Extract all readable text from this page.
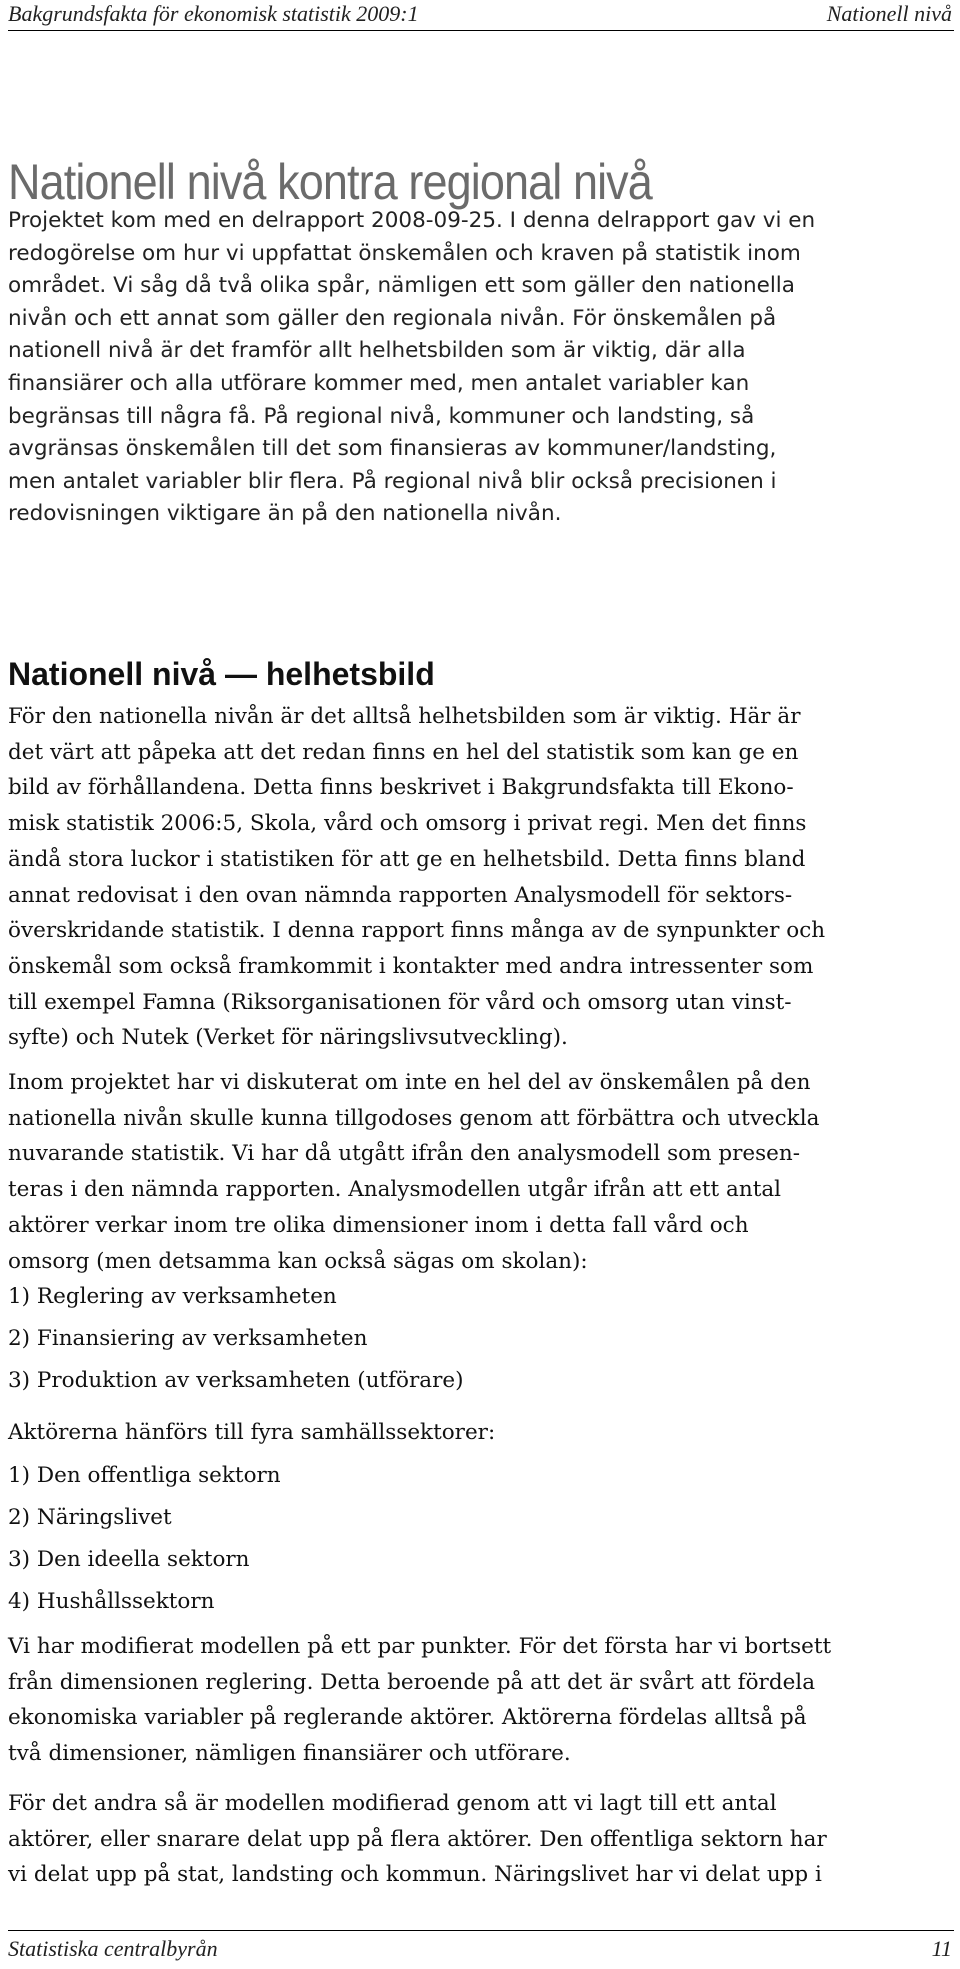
Bakgrundsfakta för ekonomisk statistik 2009:1	Nationell nivå
Nationell nivå kontra regional nivå

Projektet kom med en delrapport 2008-09-25. I denna delrapport gav vi en

redogörelse om hur vi uppfattat önskemålen och kraven på statistik inom

området. Vi såg då två olika spår, nämligen ett som gäller den nationella

nivån och ett annat som gäller den regionala nivån. För önskemålen på

nationell nivå är det framför allt helhetsbilden som är viktig, där alla

finansiärer och alla utförare kommer med, men antalet variabler kan

begränsas till några få. På regional nivå, kommuner och landsting, så

avgränsas önskemålen till det som finansieras av kommuner/landsting,

men antalet variabler blir flera. På regional nivå blir också precisionen i

redovisningen viktigare än på den nationella nivån.

Nationell nivå — helhetsbild

För den nationella nivån är det alltså helhetsbilden som är viktig. Här är

det värt att påpeka att det redan finns en hel del statistik som kan ge en

bild av förhållandena. Detta finns beskrivet i Bakgrundsfakta till Ekono-

misk statistik 2006:5, Skola, vård och omsorg i privat regi. Men det finns

ändå stora luckor i statistiken för att ge en helhetsbild. Detta finns bland

annat redovisat i den ovan nämnda rapporten Analysmodell för sektors-

överskridande statistik. I denna rapport finns många av de synpunkter och

önskemål som också framkommit i kontakter med andra intressenter som

till exempel Famna (Riksorganisationen för vård och omsorg utan vinst-

syfte) och Nutek (Verket för näringslivsutveckling).

Inom projektet har vi diskuterat om inte en hel del av önskemålen på den

nationella nivån skulle kunna tillgodoses genom att förbättra och utveckla

nuvarande statistik. Vi har då utgått ifrån den analysmodell som presen-

teras i den nämnda rapporten. Analysmodellen utgår ifrån att ett antal

aktörer verkar inom tre olika dimensioner inom i detta fall vård och

omsorg (men detsamma kan också sägas om skolan):

1) Reglering av verksamheten

2) Finansiering av verksamheten

3) Produktion av verksamheten (utförare)

Aktörerna hänförs till fyra samhällssektorer:

1) Den offentliga sektorn

2) Näringslivet

3) Den ideella sektorn

4) Hushållssektorn

Vi har modifierat modellen på ett par punkter. För det första har vi bortsett

från dimensionen reglering. Detta beroende på att det är svårt att fördela

ekonomiska variabler på reglerande aktörer. Aktörerna fördelas alltså på

två dimensioner, nämligen finansiärer och utförare.

För det andra så är modellen modifierad genom att vi lagt till ett antal

aktörer, eller snarare delat upp på flera aktörer. Den offentliga sektorn har

vi delat upp på stat, landsting och kommun. Näringslivet har vi delat upp i

Statistiska centralbyrån	11
